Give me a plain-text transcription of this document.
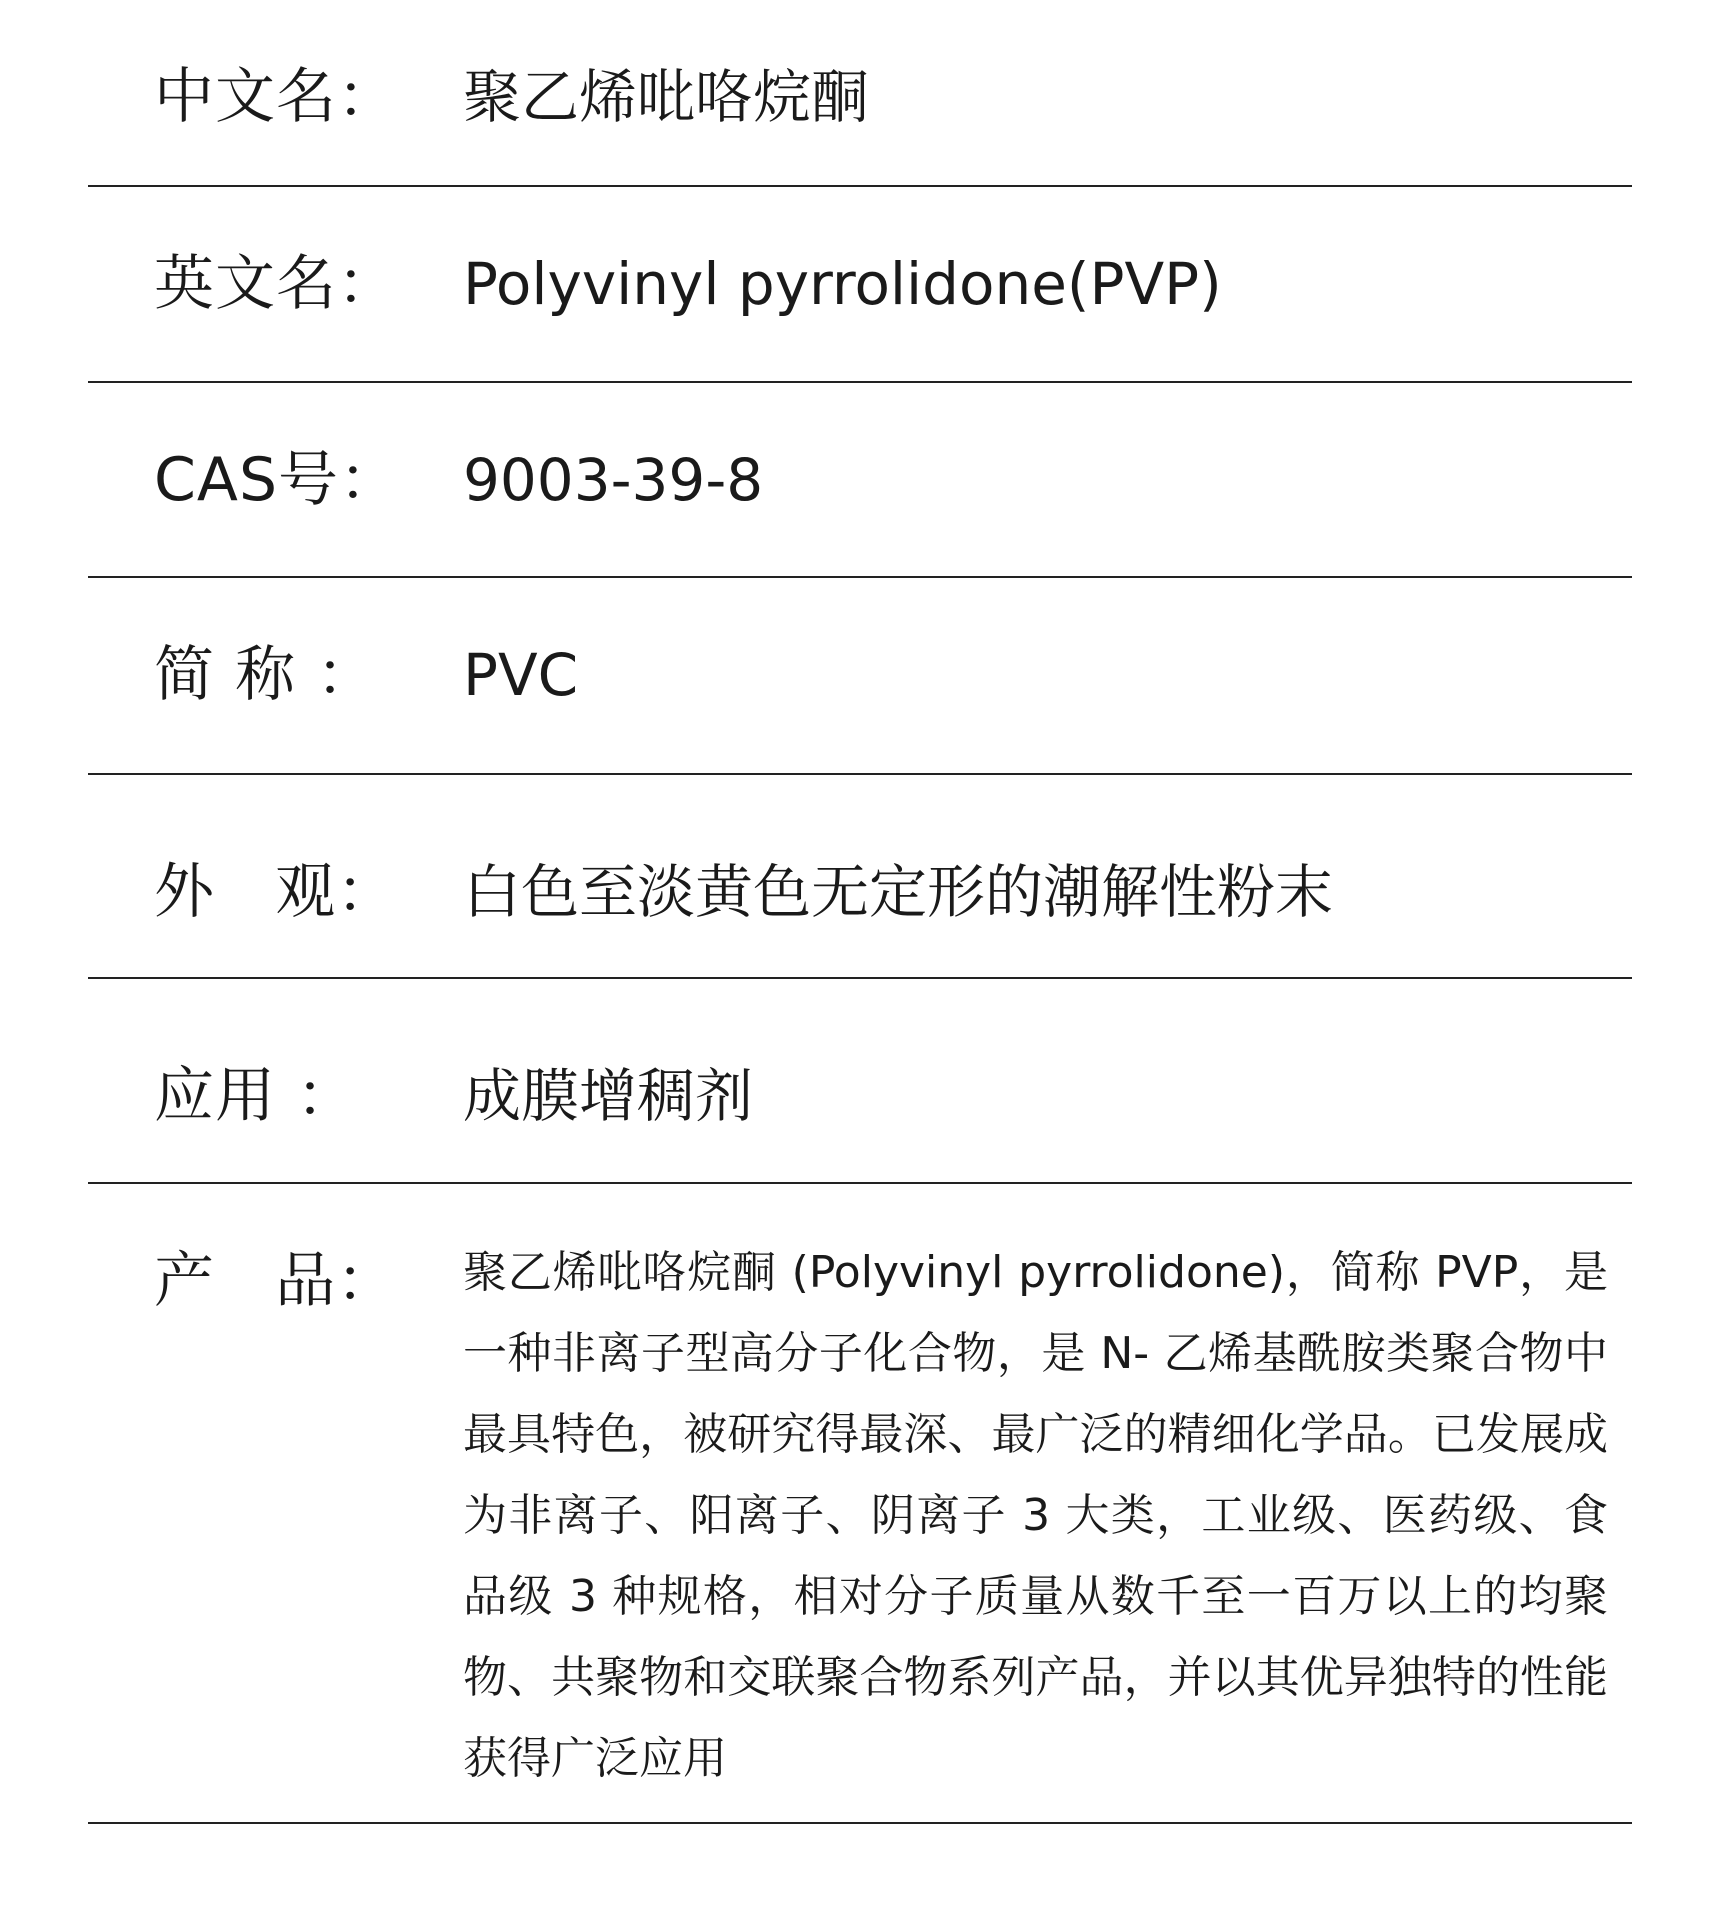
中文名： 聚乙烯吡咯烷酮
英文名： Polyvinyl pyrrolidone(PVP)
CAS号： 9003-39-8
简 称 ： PVC
外   观： 白色至淡黄色无定形的潮解性粉末
应用 ： 成膜增稠剂
产   品： 聚乙烯吡咯烷酮 (Polyvinyl pyrrolidone)，简称 PVP，是一种非离子型高分子化合物，是 N- 乙烯基酰胺类聚合物中最具特色，被研究得最深、最广泛的精细化学品。已发展成为非离子、阳离子、阴离子 3 大类，工业级、医药级、食品级 3 种规格，相对分子质量从数千至一百万以上的均聚物、共聚物和交联聚合物系列产品，并以其优异独特的性能获得广泛应用
